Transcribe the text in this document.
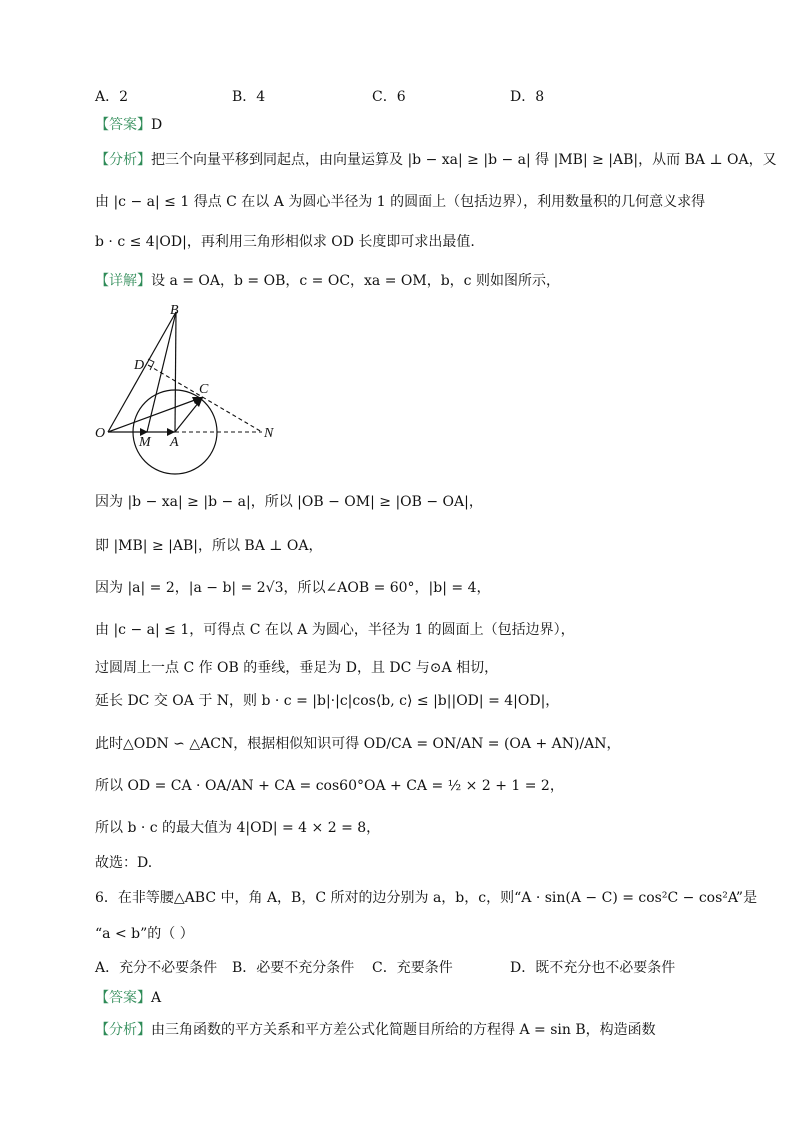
A．2	B．4	C．6	D．8
【答案】D
【分析】把三个向量平移到同起点，由向量运算及 |b − xa| ≥ |b − a| 得 |MB| ≥ |AB|，从而 BA ⊥ OA，又
由 |c − a| ≤ 1 得点 C 在以 A 为圆心半径为 1 的圆面上（包括边界），利用数量积的几何意义求得
b · c ≤ 4|OD|，再利用三角形相似求 OD 长度即可求出最值.
【详解】设 a = OA，b = OB，c = OC，xa = OM，b，c 则如图所示，
B
D
C
O
M A
N
因为 |b − xa| ≥ |b − a|，所以 |OB − OM| ≥ |OB − OA|，
即 |MB| ≥ |AB|，所以 BA ⊥ OA，
因为 |a| = 2，|a − b| = 2√3，所以∠AOB = 60°，|b| = 4，
由 |c − a| ≤ 1，可得点 C 在以 A 为圆心，半径为 1 的圆面上（包括边界），
过圆周上一点 C 作 OB 的垂线，垂足为 D，且 DC 与⊙A 相切，
延长 DC 交 OA 于 N，则 b · c = |b|·|c|cos⟨b, c⟩ ≤ |b||OD| = 4|OD|，
此时△ODN ∽ △ACN，根据相似知识可得 OD/CA = ON/AN = (OA + AN)/AN，
所以 OD = CA · OA/AN + CA = cos60°OA + CA = ½ × 2 + 1 = 2，
所以 b · c 的最大值为 4|OD| = 4 × 2 = 8，
故选：D.
6．在非等腰△ABC 中，角 A，B，C 所对的边分别为 a，b，c，则“A · sin(A − C) = cos²C − cos²A”是
“a < b”的（ ）
A．充分不必要条件 B．必要不充分条件 C．充要条件	D．既不充分也不必要条件
【答案】A
【分析】由三角函数的平方关系和平方差公式化简题目所给的方程得 A = sin B，构造函数
